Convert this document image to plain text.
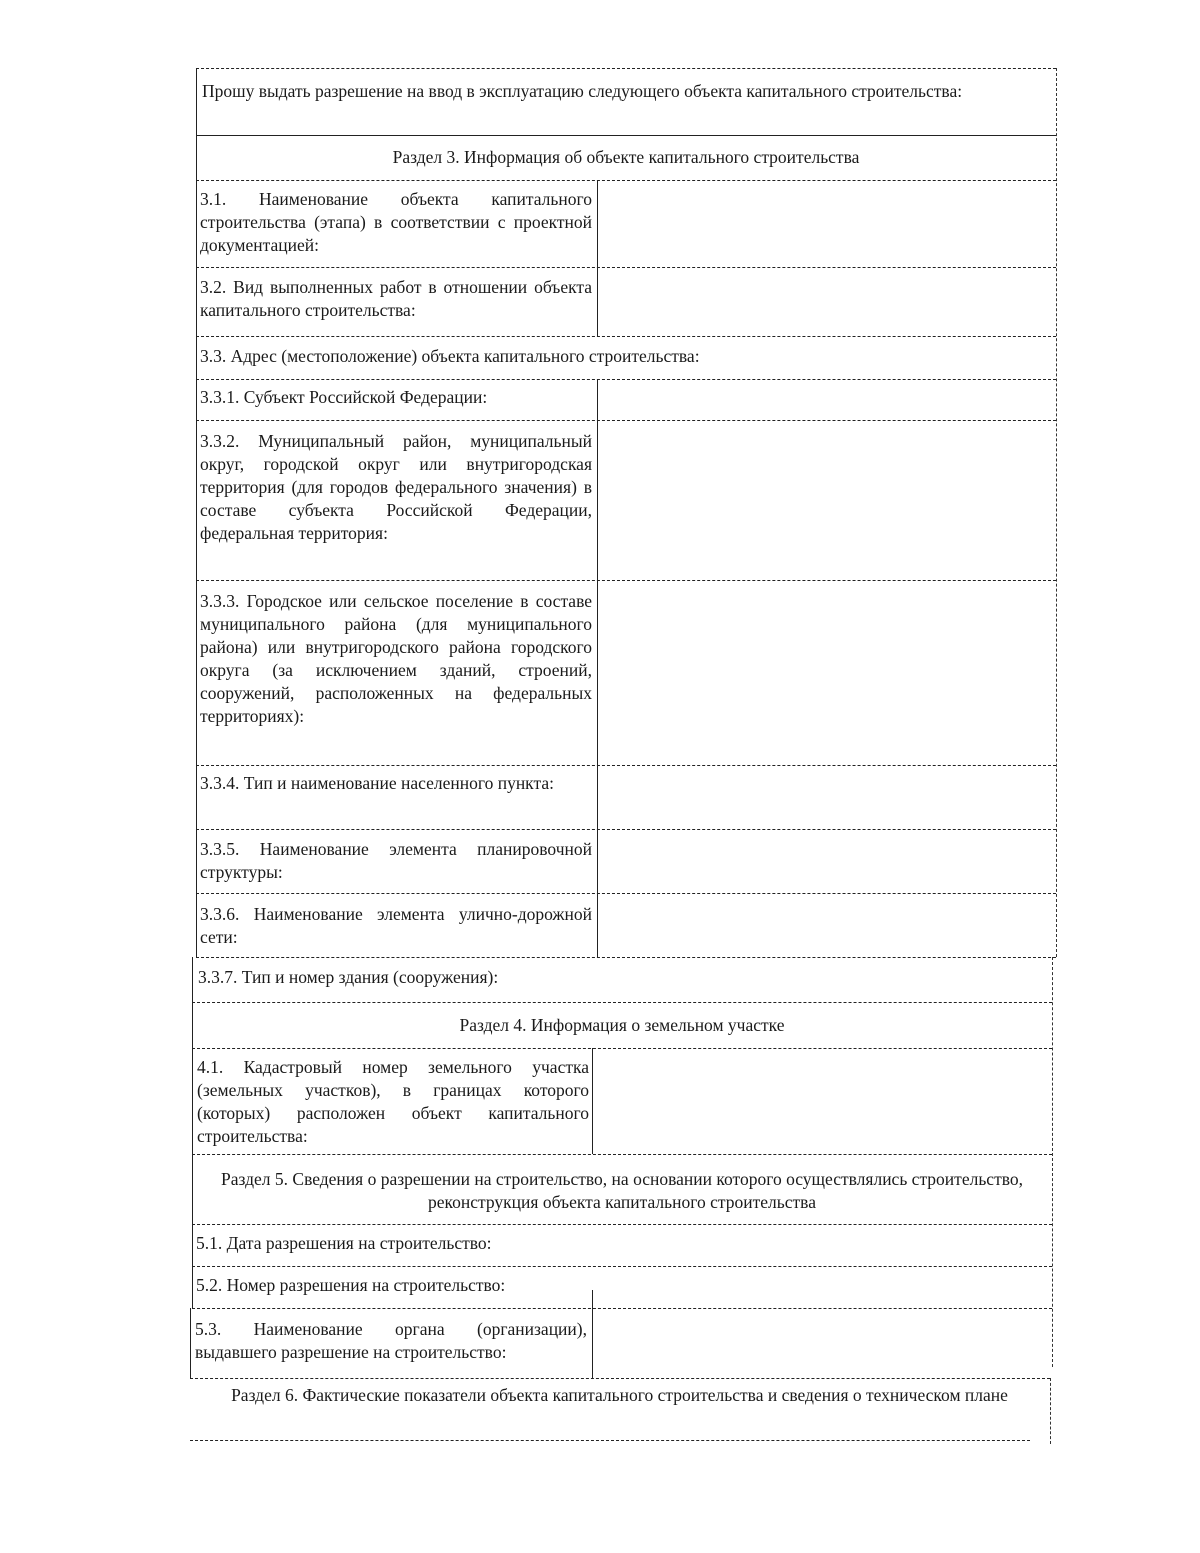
Прошу выдать разрешение на ввод в эксплуатацию следующего объекта капитального строительства:

Раздел 3. Информация об объекте капитального строительства

3.1. Наименование объекта капитального строительства (этапа) в соответствии с проектной документацией:

3.2. Вид выполненных работ в отношении объекта капитального строительства:

3.3. Адрес (местоположение) объекта капитального строительства:

3.3.1. Субъект Российской Федерации:

3.3.2. Муниципальный район, муниципальный округ, городской округ или внутригородская территория (для городов федерального значения) в составе субъекта Российской Федерации, федеральная территория:

3.3.3. Городское или сельское поселение в составе муниципального района (для муниципального района) или внутригородского района городского округа (за исключением зданий, строений, сооружений, расположенных на федеральных территориях):

3.3.4. Тип и наименование населенного пункта:

3.3.5. Наименование элемента планировочной структуры:

3.3.6. Наименование элемента улично-дорожной сети:

3.3.7. Тип и номер здания (сооружения):

Раздел 4. Информация о земельном участке

4.1. Кадастровый номер земельного участка (земельных участков), в границах которого (которых) расположен объект капитального строительства:

Раздел 5. Сведения о разрешении на строительство, на основании которого осуществлялись строительство, реконструкция объекта капитального строительства

5.1. Дата разрешения на строительство:

5.2. Номер разрешения на строительство:

5.3. Наименование органа (организации), выдавшего разрешение на строительство:

Раздел 6. Фактические показатели объекта капитального строительства и сведения о техническом плане
